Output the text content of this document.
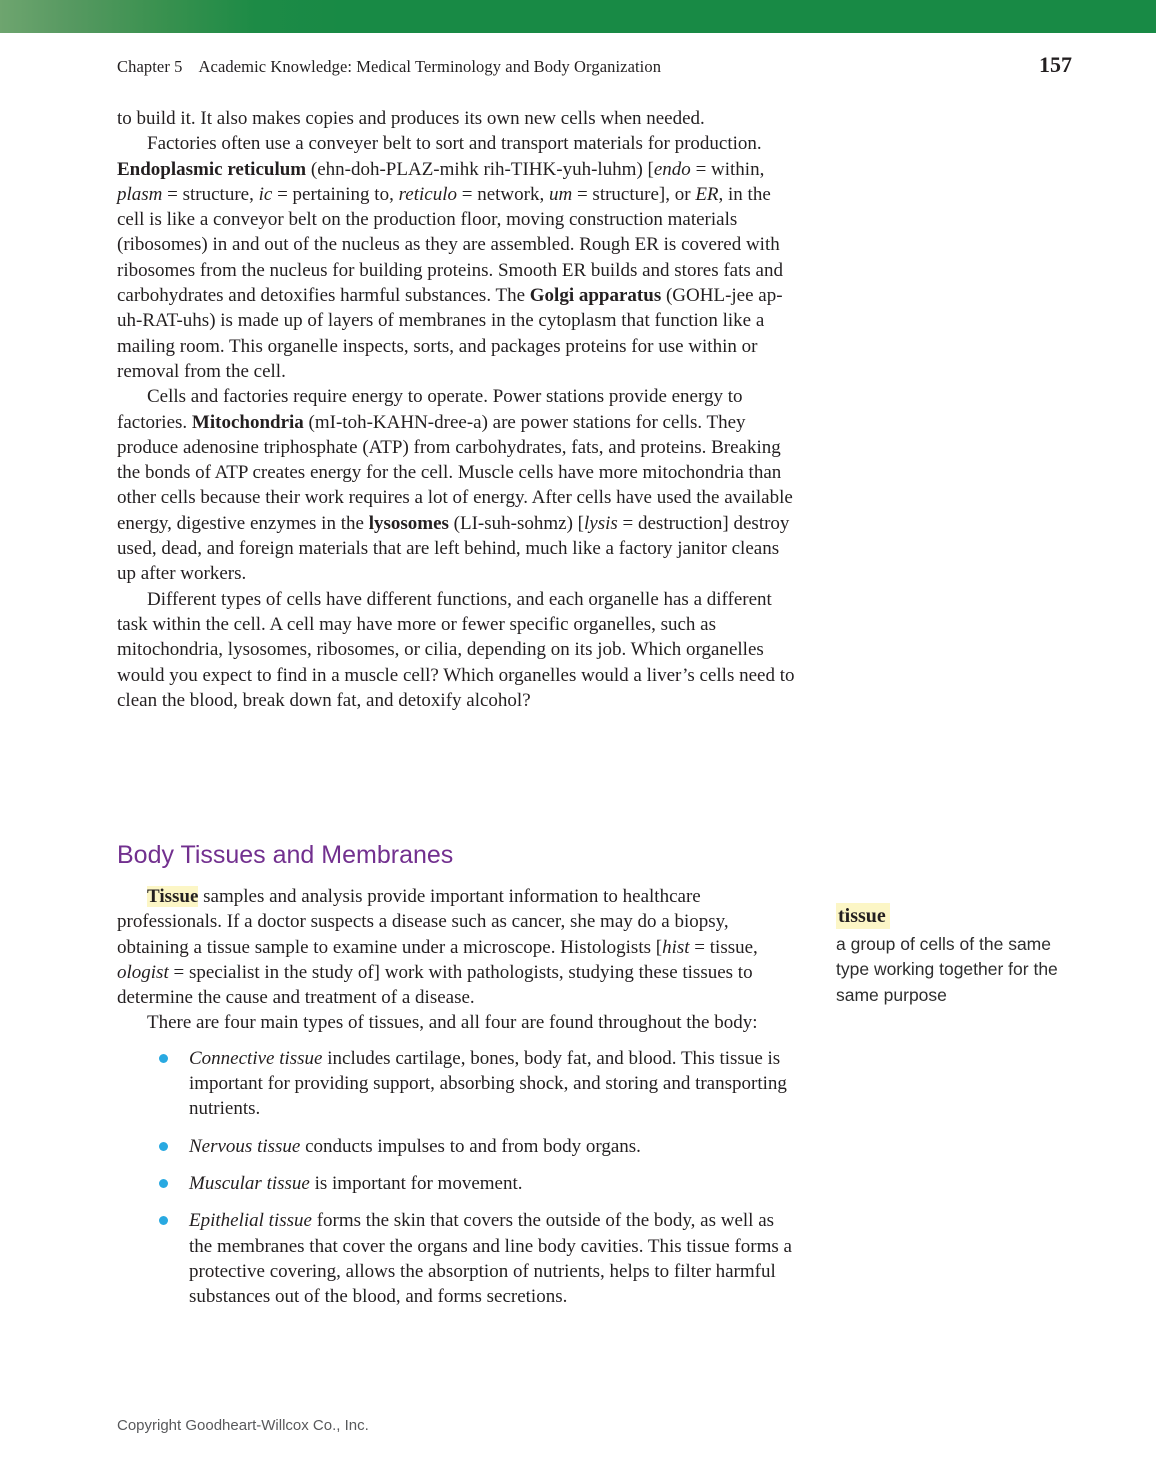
Chapter 5 Academic Knowledge: Medical Terminology and Body Organization	157

to build it. It also makes copies and produces its own new cells when needed.

Factories often use a conveyer belt to sort and transport materials for production. Endoplasmic reticulum (ehn-doh-PLAZ-mihk rih-TIHK-yuh-luhm) [endo = within, plasm = structure, ic = pertaining to, reticulo = network, um = structure], or ER, in the cell is like a conveyor belt on the production floor, moving construction materials (ribosomes) in and out of the nucleus as they are assembled. Rough ER is covered with ribosomes from the nucleus for building proteins. Smooth ER builds and stores fats and carbohydrates and detoxifies harmful substances. The Golgi apparatus (GOHL-jee ap-uh-RAT-uhs) is made up of layers of membranes in the cytoplasm that function like a mailing room. This organelle inspects, sorts, and packages proteins for use within or removal from the cell.

Cells and factories require energy to operate. Power stations provide energy to factories. Mitochondria (mI-toh-KAHN-dree-a) are power stations for cells. They produce adenosine triphosphate (ATP) from carbohydrates, fats, and proteins. Breaking the bonds of ATP creates energy for the cell. Muscle cells have more mitochondria than other cells because their work requires a lot of energy. After cells have used the available energy, digestive enzymes in the lysosomes (LI-suh-sohmz) [lysis = destruction] destroy used, dead, and foreign materials that are left behind, much like a factory janitor cleans up after workers.

Different types of cells have different functions, and each organelle has a different task within the cell. A cell may have more or fewer specific organelles, such as mitochondria, lysosomes, ribosomes, or cilia, depending on its job. Which organelles would you expect to find in a muscle cell? Which organelles would a liver’s cells need to clean the blood, break down fat, and detoxify alcohol?

Body Tissues and Membranes

Tissue samples and analysis provide important information to healthcare professionals. If a doctor suspects a disease such as cancer, she may do a biopsy, obtaining a tissue sample to examine under a microscope. Histologists [hist = tissue, ologist = specialist in the study of] work with pathologists, studying these tissues to determine the cause and treatment of a disease.

There are four main types of tissues, and all four are found throughout the body:

Connective tissue includes cartilage, bones, body fat, and blood. This tissue is important for providing support, absorbing shock, and storing and transporting nutrients.
Nervous tissue conducts impulses to and from body organs.
Muscular tissue is important for movement.
Epithelial tissue forms the skin that covers the outside of the body, as well as the membranes that cover the organs and line body cavities. This tissue forms a protective covering, allows the absorption of nutrients, helps to filter harmful substances out of the blood, and forms secretions.
tissue
a group of cells of the same type working together for the same purpose
Copyright Goodheart-Willcox Co., Inc.
